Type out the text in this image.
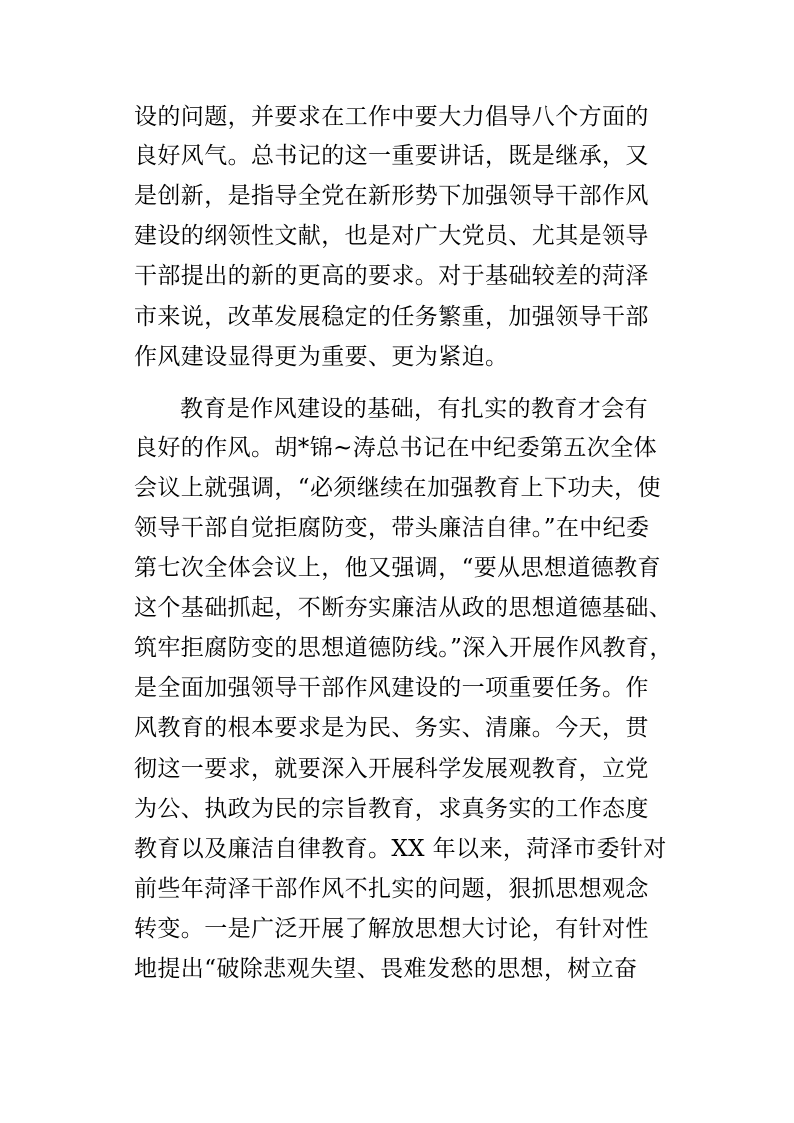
设的问题，并要求在工作中要大力倡导八个方面的

良好风气。总书记的这一重要讲话，既是继承，又

是创新，是指导全党在新形势下加强领导干部作风

建设的纲领性文献，也是对广大党员、尤其是领导

干部提出的新的更高的要求。对于基础较差的菏泽

市来说，改革发展稳定的任务繁重，加强领导干部

作风建设显得更为重要、更为紧迫。

教育是作风建设的基础，有扎实的教育才会有

良好的作风。胡*锦~涛总书记在中纪委第五次全体

会议上就强调，“必须继续在加强教育上下功夫，使

领导干部自觉拒腐防变，带头廉洁自律。”在中纪委

第七次全体会议上，他又强调，“要从思想道德教育

这个基础抓起，不断夯实廉洁从政的思想道德基础、

筑牢拒腐防变的思想道德防线。”深入开展作风教育，

是全面加强领导干部作风建设的一项重要任务。作

风教育的根本要求是为民、务实、清廉。今天，贯

彻这一要求，就要深入开展科学发展观教育，立党

为公、执政为民的宗旨教育，求真务实的工作态度

教育以及廉洁自律教育。XX 年以来，菏泽市委针对

前些年菏泽干部作风不扎实的问题，狠抓思想观念

转变。一是广泛开展了解放思想大讨论，有针对性

地提出“破除悲观失望、畏难发愁的思想，树立奋
